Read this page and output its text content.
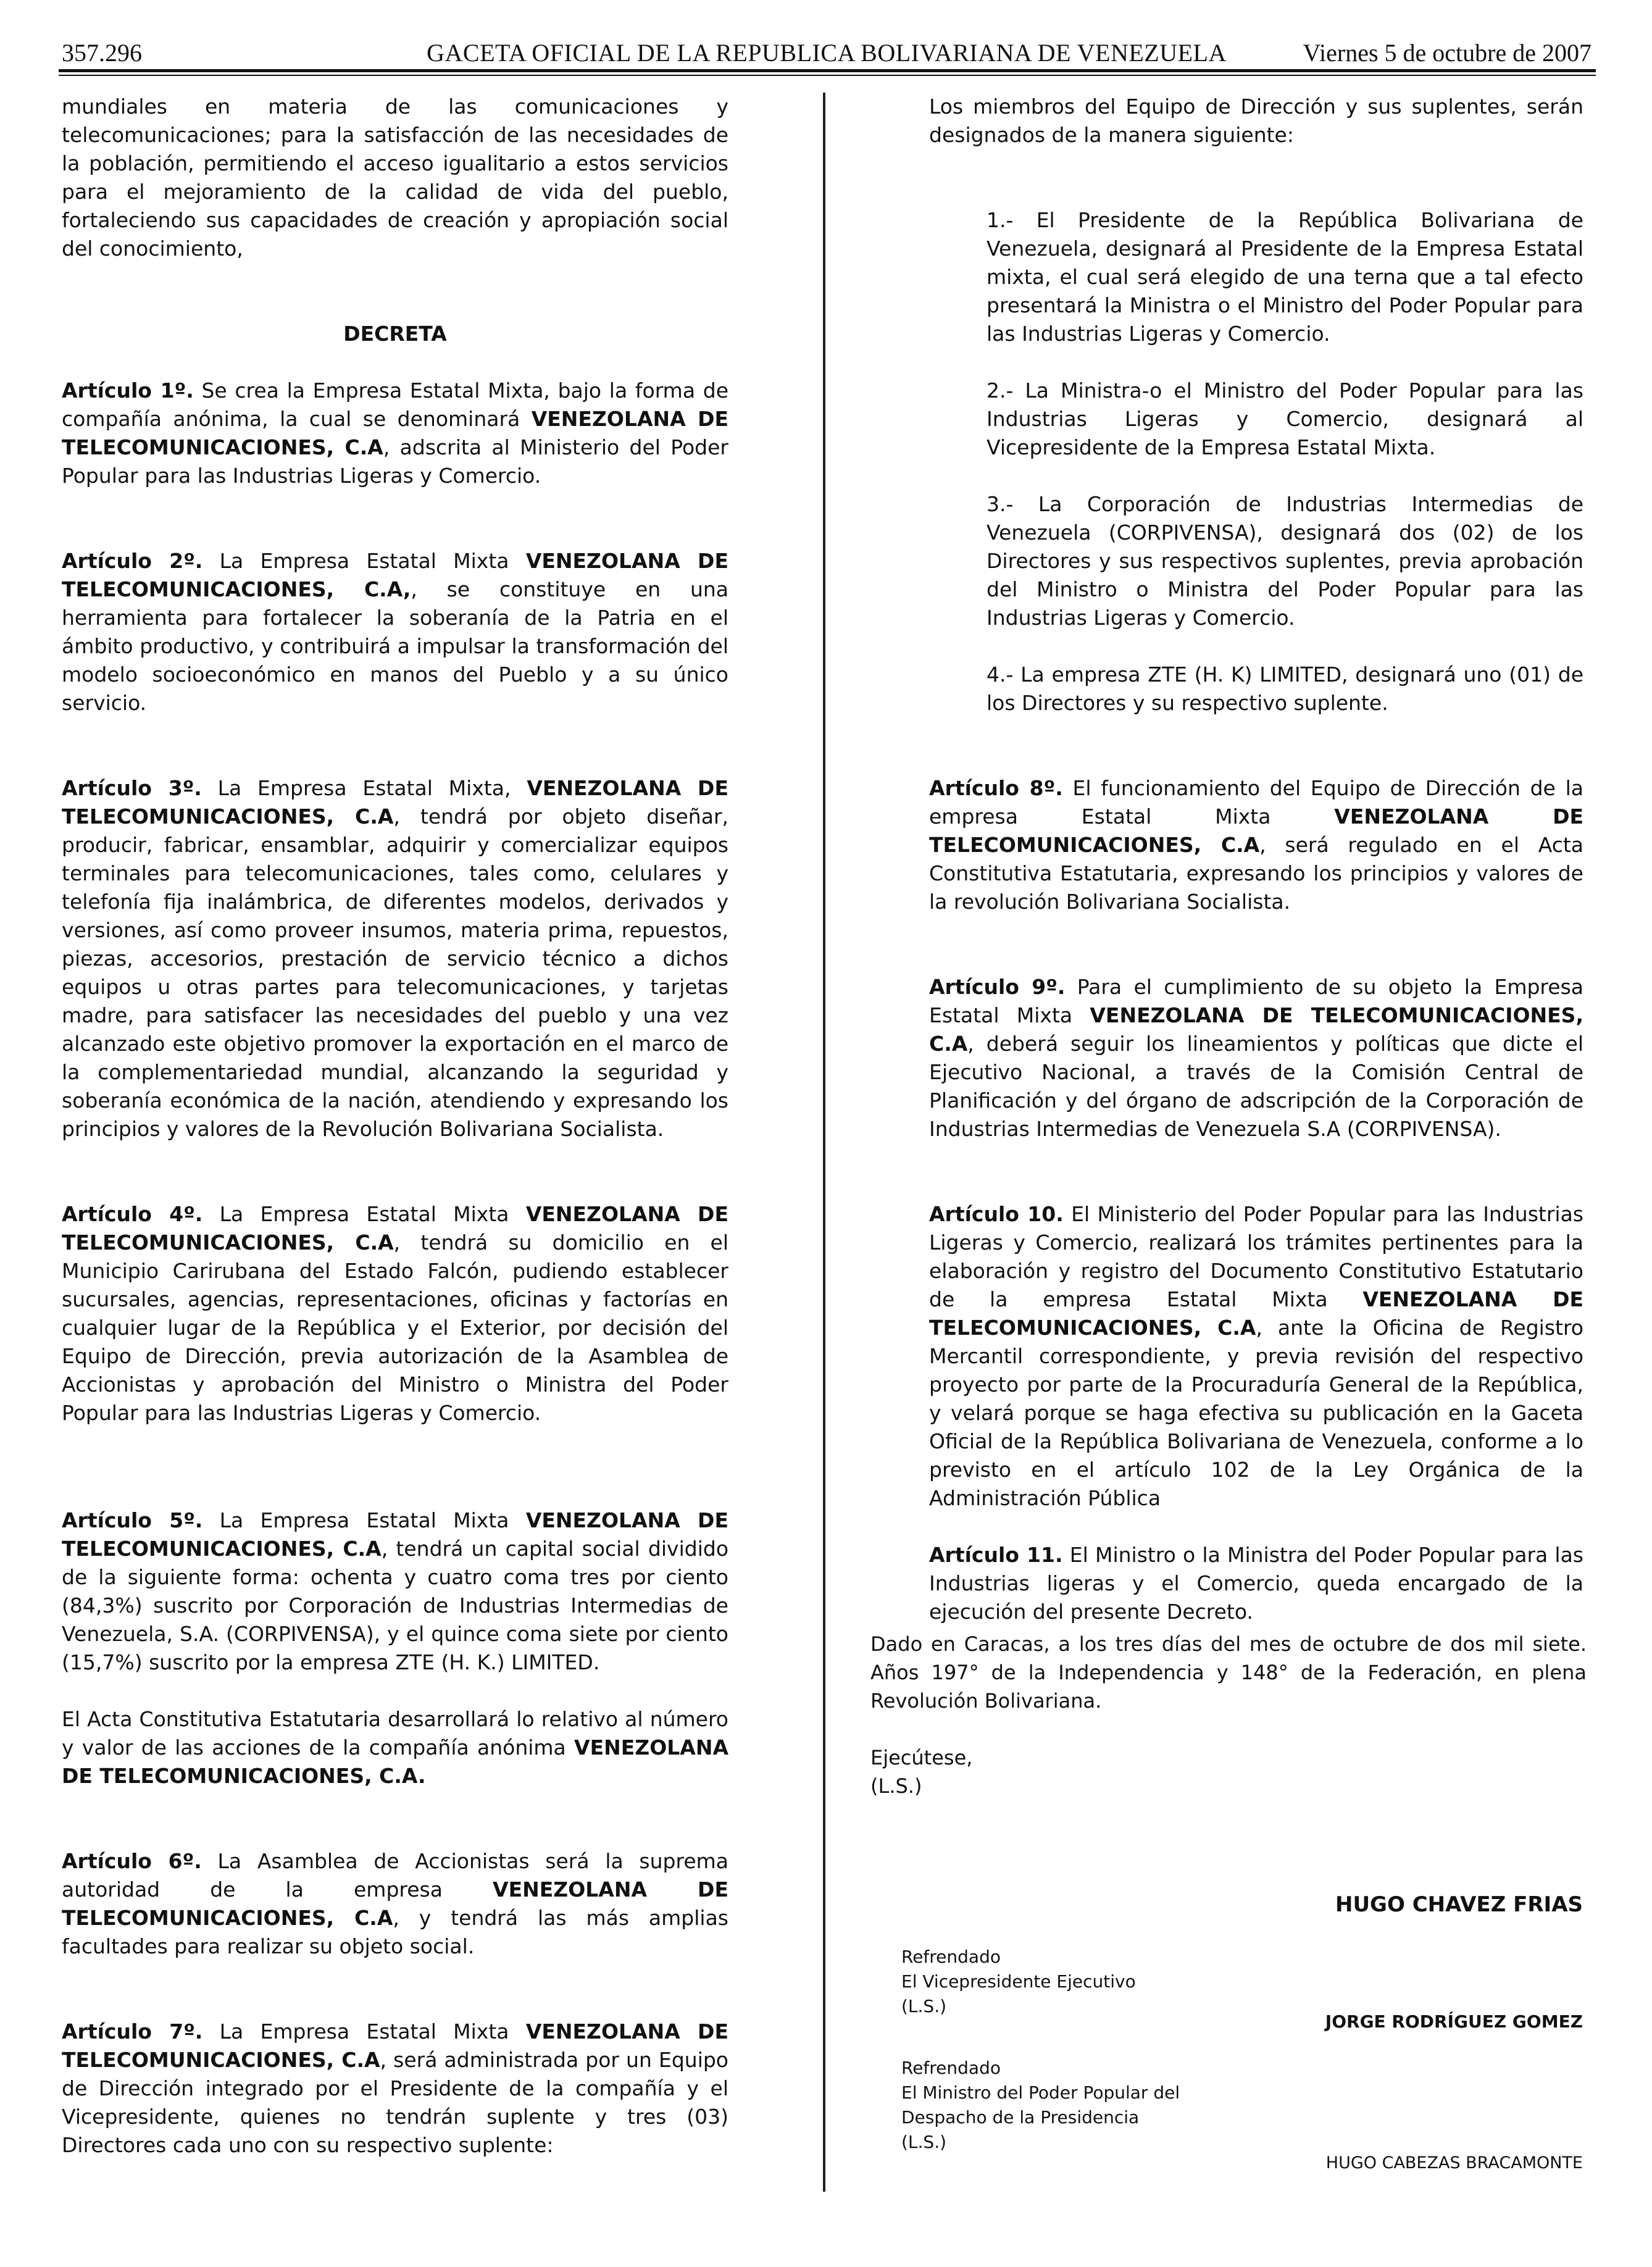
357.296	GACETA OFICIAL DE LA REPUBLICA BOLIVARIANA DE VENEZUELA	Viernes 5 de octubre de 2007

mundiales en materia de las comunicaciones y telecomunicaciones; para la satisfacción de las necesidades de la población, permitiendo el acceso igualitario a estos servicios para el mejoramiento de la calidad de vida del pueblo, fortaleciendo sus capacidades de creación y apropiación social del conocimiento,

DECRETA

Artículo 1º. Se crea la Empresa Estatal Mixta, bajo la forma de compañía anónima, la cual se denominará VENEZOLANA DE TELECOMUNICACIONES, C.A, adscrita al Ministerio del Poder Popular para las Industrias Ligeras y Comercio.

Artículo 2º. La Empresa Estatal Mixta VENEZOLANA DE TELECOMUNICACIONES, C.A,, se constituye en una herramienta para fortalecer la soberanía de la Patria en el ámbito productivo, y contribuirá a impulsar la transformación del modelo socioeconómico en manos del Pueblo y a su único servicio.

Artículo 3º. La Empresa Estatal Mixta, VENEZOLANA DE TELECOMUNICACIONES, C.A, tendrá por objeto diseñar, producir, fabricar, ensamblar, adquirir y comercializar equipos terminales para telecomunicaciones, tales como, celulares y telefonía fija inalámbrica, de diferentes modelos, derivados y versiones, así como proveer insumos, materia prima, repuestos, piezas, accesorios, prestación de servicio técnico a dichos equipos u otras partes para telecomunicaciones, y tarjetas madre, para satisfacer las necesidades del pueblo y una vez alcanzado este objetivo promover la exportación en el marco de la complementariedad mundial, alcanzando la seguridad y soberanía económica de la nación, atendiendo y expresando los principios y valores de la Revolución Bolivariana Socialista.

Artículo 4º. La Empresa Estatal Mixta VENEZOLANA DE TELECOMUNICACIONES, C.A, tendrá su domicilio en el Municipio Carirubana del Estado Falcón, pudiendo establecer sucursales, agencias, representaciones, oficinas y factorías en cualquier lugar de la República y el Exterior, por decisión del Equipo de Dirección, previa autorización de la Asamblea de Accionistas y aprobación del Ministro o Ministra del Poder Popular para las Industrias Ligeras y Comercio.

Artículo 5º. La Empresa Estatal Mixta VENEZOLANA DE TELECOMUNICACIONES, C.A, tendrá un capital social dividido de la siguiente forma: ochenta y cuatro coma tres por ciento (84,3%) suscrito por Corporación de Industrias Intermedias de Venezuela, S.A. (CORPIVENSA), y el quince coma siete por ciento (15,7%) suscrito por la empresa ZTE (H. K.) LIMITED.

El Acta Constitutiva Estatutaria desarrollará lo relativo al número y valor de las acciones de la compañía anónima VENEZOLANA DE TELECOMUNICACIONES, C.A.

Artículo 6º. La Asamblea de Accionistas será la suprema autoridad de la empresa VENEZOLANA DE TELECOMUNICACIONES, C.A, y tendrá las más amplias facultades para realizar su objeto social.

Artículo 7º. La Empresa Estatal Mixta VENEZOLANA DE TELECOMUNICACIONES, C.A, será administrada por un Equipo de Dirección integrado por el Presidente de la compañía y el Vicepresidente, quienes no tendrán suplente y tres (03) Directores cada uno con su respectivo suplente:

Los miembros del Equipo de Dirección y sus suplentes, serán designados de la manera siguiente:

1.- El Presidente de la República Bolivariana de Venezuela, designará al Presidente de la Empresa Estatal mixta, el cual será elegido de una terna que a tal efecto presentará la Ministra o el Ministro del Poder Popular para las Industrias Ligeras y Comercio.

2.- La Ministra-o el Ministro del Poder Popular para las Industrias Ligeras y Comercio, designará al Vicepresidente de la Empresa Estatal Mixta.

3.- La Corporación de Industrias Intermedias de Venezuela (CORPIVENSA), designará dos (02) de los Directores y sus respectivos suplentes, previa aprobación del Ministro o Ministra del Poder Popular para las Industrias Ligeras y Comercio.

4.- La empresa ZTE (H. K) LIMITED, designará uno (01) de los Directores y su respectivo suplente.

Artículo 8º. El funcionamiento del Equipo de Dirección de la empresa Estatal Mixta VENEZOLANA DE TELECOMUNICACIONES, C.A, será regulado en el Acta Constitutiva Estatutaria, expresando los principios y valores de la revolución Bolivariana Socialista.

Artículo 9º. Para el cumplimiento de su objeto la Empresa Estatal Mixta VENEZOLANA DE TELECOMUNICACIONES, C.A, deberá seguir los lineamientos y políticas que dicte el Ejecutivo Nacional, a través de la Comisión Central de Planificación y del órgano de adscripción de la Corporación de Industrias Intermedias de Venezuela S.A (CORPIVENSA).

Artículo 10. El Ministerio del Poder Popular para las Industrias Ligeras y Comercio, realizará los trámites pertinentes para la elaboración y registro del Documento Constitutivo Estatutario de la empresa Estatal Mixta VENEZOLANA DE TELECOMUNICACIONES, C.A, ante la Oficina de Registro Mercantil correspondiente, y previa revisión del respectivo proyecto por parte de la Procuraduría General de la República, y velará porque se haga efectiva su publicación en la Gaceta Oficial de la República Bolivariana de Venezuela, conforme a lo previsto en el artículo 102 de la Ley Orgánica de la Administración Pública

Artículo 11. El Ministro o la Ministra del Poder Popular para las Industrias ligeras y el Comercio, queda encargado de la ejecución del presente Decreto.

Dado en Caracas, a los tres días del mes de octubre de dos mil siete. Años 197° de la Independencia y 148° de la Federación, en plena Revolución Bolivariana.

Ejecútese,

(L.S.)

HUGO CHAVEZ FRIAS

Refrendado

El Vicepresidente Ejecutivo

(L.S.)

JORGE RODRÍGUEZ GOMEZ

Refrendado

El Ministro del Poder Popular del

Despacho de la Presidencia

(L.S.)

HUGO CABEZAS BRACAMONTE
